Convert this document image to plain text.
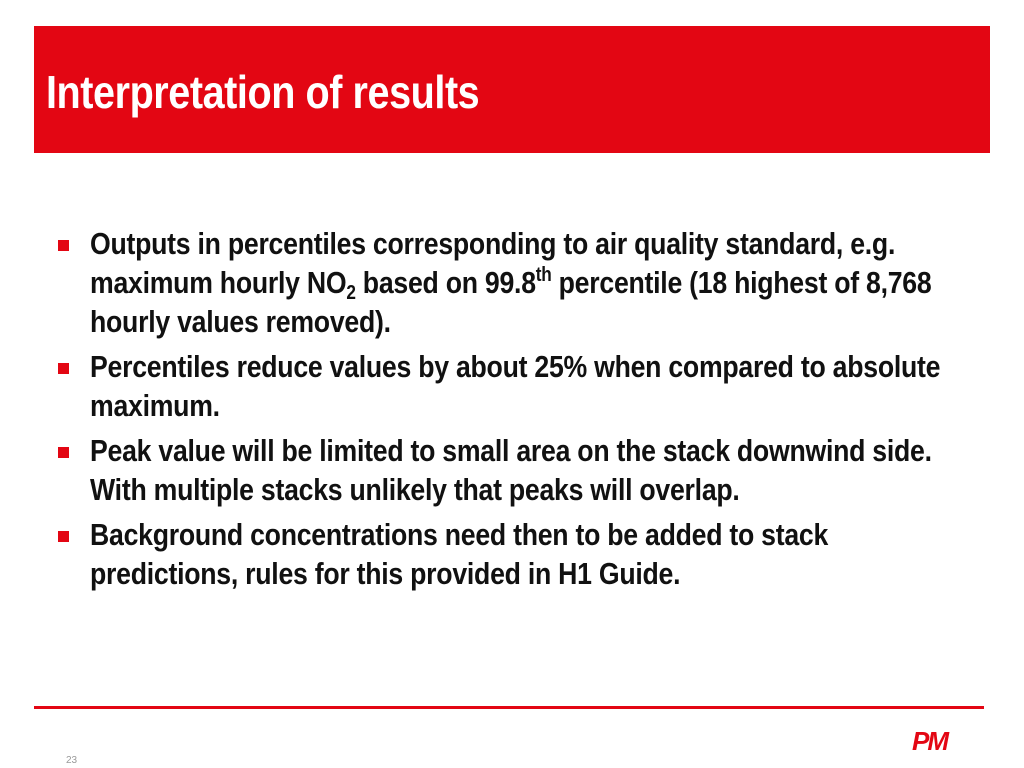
Interpretation of results
Outputs in percentiles corresponding to air quality standard, e.g. maximum hourly $NO_2$ based on 99.8th percentile (18 highest of 8,768 hourly values removed).
Percentiles reduce values by about 25% when compared to absolute maximum.
Peak value will be limited to small area on the stack downwind side. With multiple stacks unlikely that peaks will overlap.
Background concentrations need then to be added to stack predictions, rules for this provided in H1 Guide.
23
PM
